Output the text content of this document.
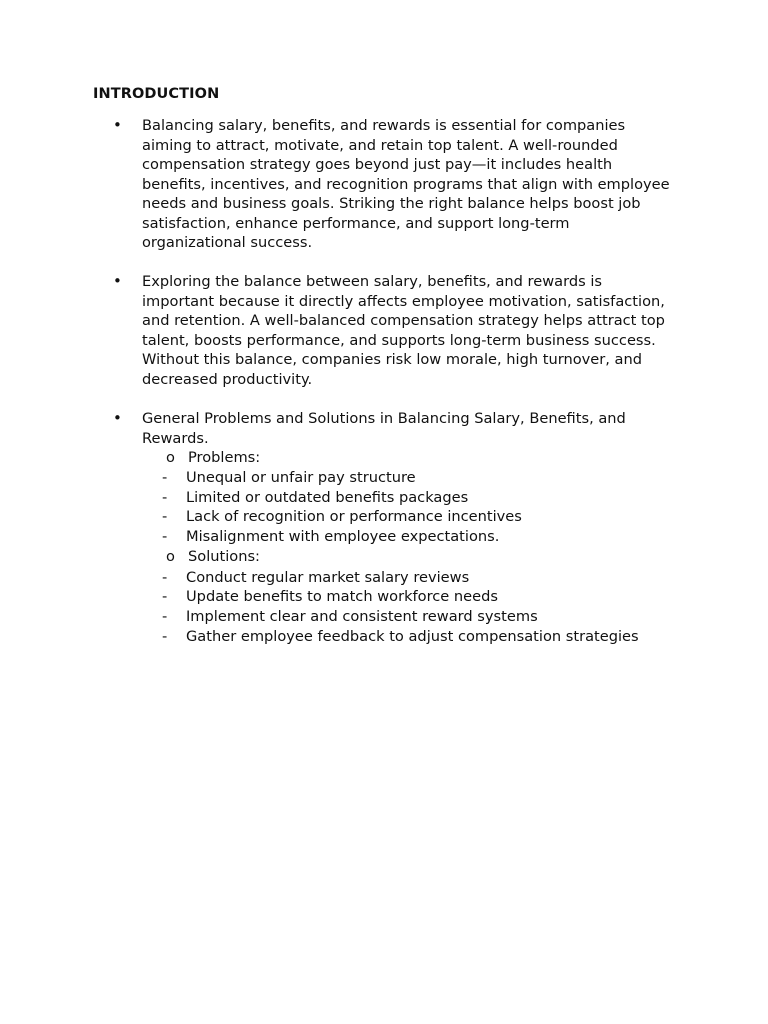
INTRODUCTION
• Balancing salary, benefits, and rewards is essential for companies aiming to attract, motivate, and retain top talent. A well-rounded compensation strategy goes beyond just pay—it includes health benefits, incentives, and recognition programs that align with employee needs and business goals. Striking the right balance helps boost job satisfaction, enhance performance, and support long-term organizational success.

• Exploring the balance between salary, benefits, and rewards is important because it directly affects employee motivation, satisfaction, and retention. A well-balanced compensation strategy helps attract top talent, boosts performance, and supports long-term business success. Without this balance, companies risk low morale, high turnover, and decreased productivity.

• General Problems and Solutions in Balancing Salary, Benefits, and Rewards.

o Problems:
- Unequal or unfair pay structure
- Limited or outdated benefits packages
- Lack of recognition or performance incentives
- Misalignment with employee expectations.
o Solutions:
- Conduct regular market salary reviews
- Update benefits to match workforce needs
- Implement clear and consistent reward systems
- Gather employee feedback to adjust compensation strategies
